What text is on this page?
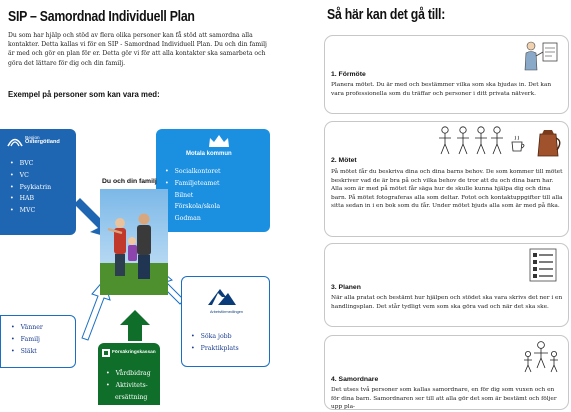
SIP – Samordnad Individuell Plan

Du som har hjälp och stöd av flera olika personer kan få stöd att samordna alla kontakter. Detta kallas vi för en SIP - Samordnad Individuell Plan. Du och din familj är med och gör en plan för er. Detta gör vi för att alla kontakter ska samarbeta och göra det lättare för dig och din familj.

Exempel på personer som kan vara med:
Region
Östergötland
• BVC
• VC
• Psykiatrin
• HAB
• MVC
Motala kommun
• Socialkontoret
• Familjeteamet
• Bilnet
• Förskola/skola
• Godman
Du och din familj
• Vänner
• Familj
• Släkt
Arbetsförmedlingen
• Söka jobb
• Praktikplats
Försäkringskassan
• Vårdbidrag
• Aktivitets-
ersättning
Så här kan det gå till:
1. Förmöte

Planera mötet. Du är med och bestämmer vilka som ska bjudas in. Det kan vara professionella som du träffar och personer i ditt privata nätverk.

2. Mötet

På mötet får du beskriva dina och dina barns behov. De som kommer till mötet beskriver vad de är bra på och vilka behov de tror att du och dina barn har. Alla som är med på mötet får säga hur de skulle kunna hjälpa dig och dina barn. På mötet fotograferas alla som deltar. Fotot och kontaktuppgifter till alla sitta sedan in i en bok som du får. Under mötet bjuds alla som är med på fika.

3. Planen

När alla pratat och bestämt hur hjälpen och stödet ska vara skrivs det ner i en handlingsplan. Det står tydligt vem som ska göra vad och när det ska ske.

4. Samordnare

Det utses två personer som kallas samordnare, en för dig som vuxen och en för dina barn. Samordnaren ser till att alla gör det som är bestämt och följer upp pla-
